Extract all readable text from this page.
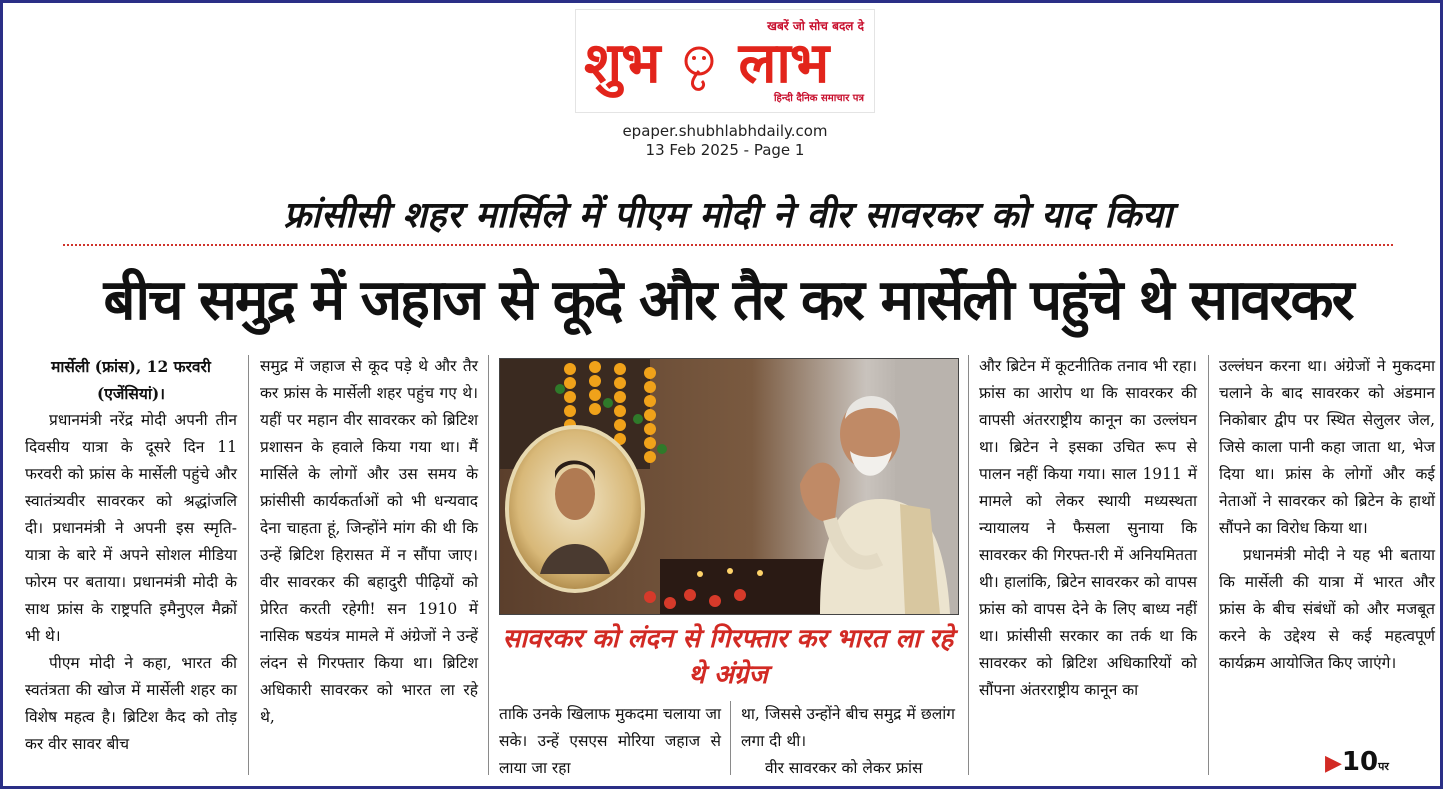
खबरें जो सोच बदल दे
शुभ लाभ
हिन्दी दैनिक समाचार पत्र
epaper.shubhlabhdaily.com
13 Feb 2025 - Page 1
फ्रांसीसी शहर मार्सिले में पीएम मोदी ने वीर सावरकर को याद किया
बीच समुद्र में जहाज से कूदे और तैर कर मार्सेली पहुंचे थे सावरकर

मार्सेली (फ्रांस), 12 फरवरी (एजेंसियां)।

प्रधानमंत्री नरेंद्र मोदी अपनी तीन दिवसीय यात्रा के दूसरे दिन 11 फरवरी को फ्रांस के मार्सेली पहुंचे और स्वातंत्र्यवीर सावरकर को श्रद्धांजलि दी। प्रधानमंत्री ने अपनी इस स्मृति-यात्रा के बारे में अपने सोशल मीडिया फोरम पर बताया। प्रधानमंत्री मोदी के साथ फ्रांस के राष्ट्रपति इमैनुएल मैक्रों भी थे।

पीएम मोदी ने कहा, भारत की स्वतंत्रता की खोज में मार्सेली शहर का विशेष महत्व है। ब्रिटिश कैद को तोड़ कर वीर सावर बीच

समुद्र में जहाज से कूद पड़े थे और तैर कर फ्रांस के मार्सेली शहर पहुंच गए थे। यहीं पर महान वीर सावरकर को ब्रिटिश प्रशासन के हवाले किया गया था। मैं मार्सिले के लोगों और उस समय के फ्रांसीसी कार्यकर्ताओं को भी धन्यवाद देना चाहता हूं, जिन्होंने मांग की थी कि उन्हें ब्रिटिश हिरासत में न सौंपा जाए। वीर सावरकर की बहादुरी पीढ़ियों को प्रेरित करती रहेगी! सन 1910 में नासिक षडयंत्र मामले में अंग्रेजों ने उन्हें लंदन से गिरफ्तार किया था। ब्रिटिश अधिकारी सावरकर को भारत ला रहे थे,

सावरकर को लंदन से गिरफ्तार कर भारत ला रहे थे अंग्रेज

ताकि उनके खिलाफ मुकदमा चलाया जा सके। उन्हें एसएस मोरिया जहाज से लाया जा रहा

था, जिससे उन्होंने बीच समुद्र में छलांग लगा दी थी।

वीर सावरकर को लेकर फ्रांस

और ब्रिटेन में कूटनीतिक तनाव भी रहा। फ्रांस का आरोप था कि सावरकर की वापसी अंतरराष्ट्रीय कानून का उल्लंघन था। ब्रिटेन ने इसका उचित रूप से पालन नहीं किया गया। साल 1911 में मामले को लेकर स्थायी मध्यस्थता न्यायालय ने फैसला सुनाया कि सावरकर की गिरफ्त-ारी में अनियमितता थी। हालांकि, ब्रिटेन सावरकर को वापस फ्रांस को वापस देने के लिए बाध्य नहीं था। फ्रांसीसी सरकार का तर्क था कि सावरकर को ब्रिटिश अधिकारियों को सौंपना अंतरराष्ट्रीय कानून का

उल्लंघन करना था। अंग्रेजों ने मुकदमा चलाने के बाद सावरकर को अंडमान निकोबार द्वीप पर स्थित सेलुलर जेल, जिसे काला पानी कहा जाता था, भेज दिया था। फ्रांस के लोगों और कई नेताओं ने सावरकर को ब्रिटेन के हाथों सौंपने का विरोध किया था।

प्रधानमंत्री मोदी ने यह भी बताया कि मार्सेली की यात्रा में भारत और फ्रांस के बीच संबंधों को और मजबूत करने के उद्देश्य से कई महत्वपूर्ण कार्यक्रम आयोजित किए जाएंगे।

▶10पर
